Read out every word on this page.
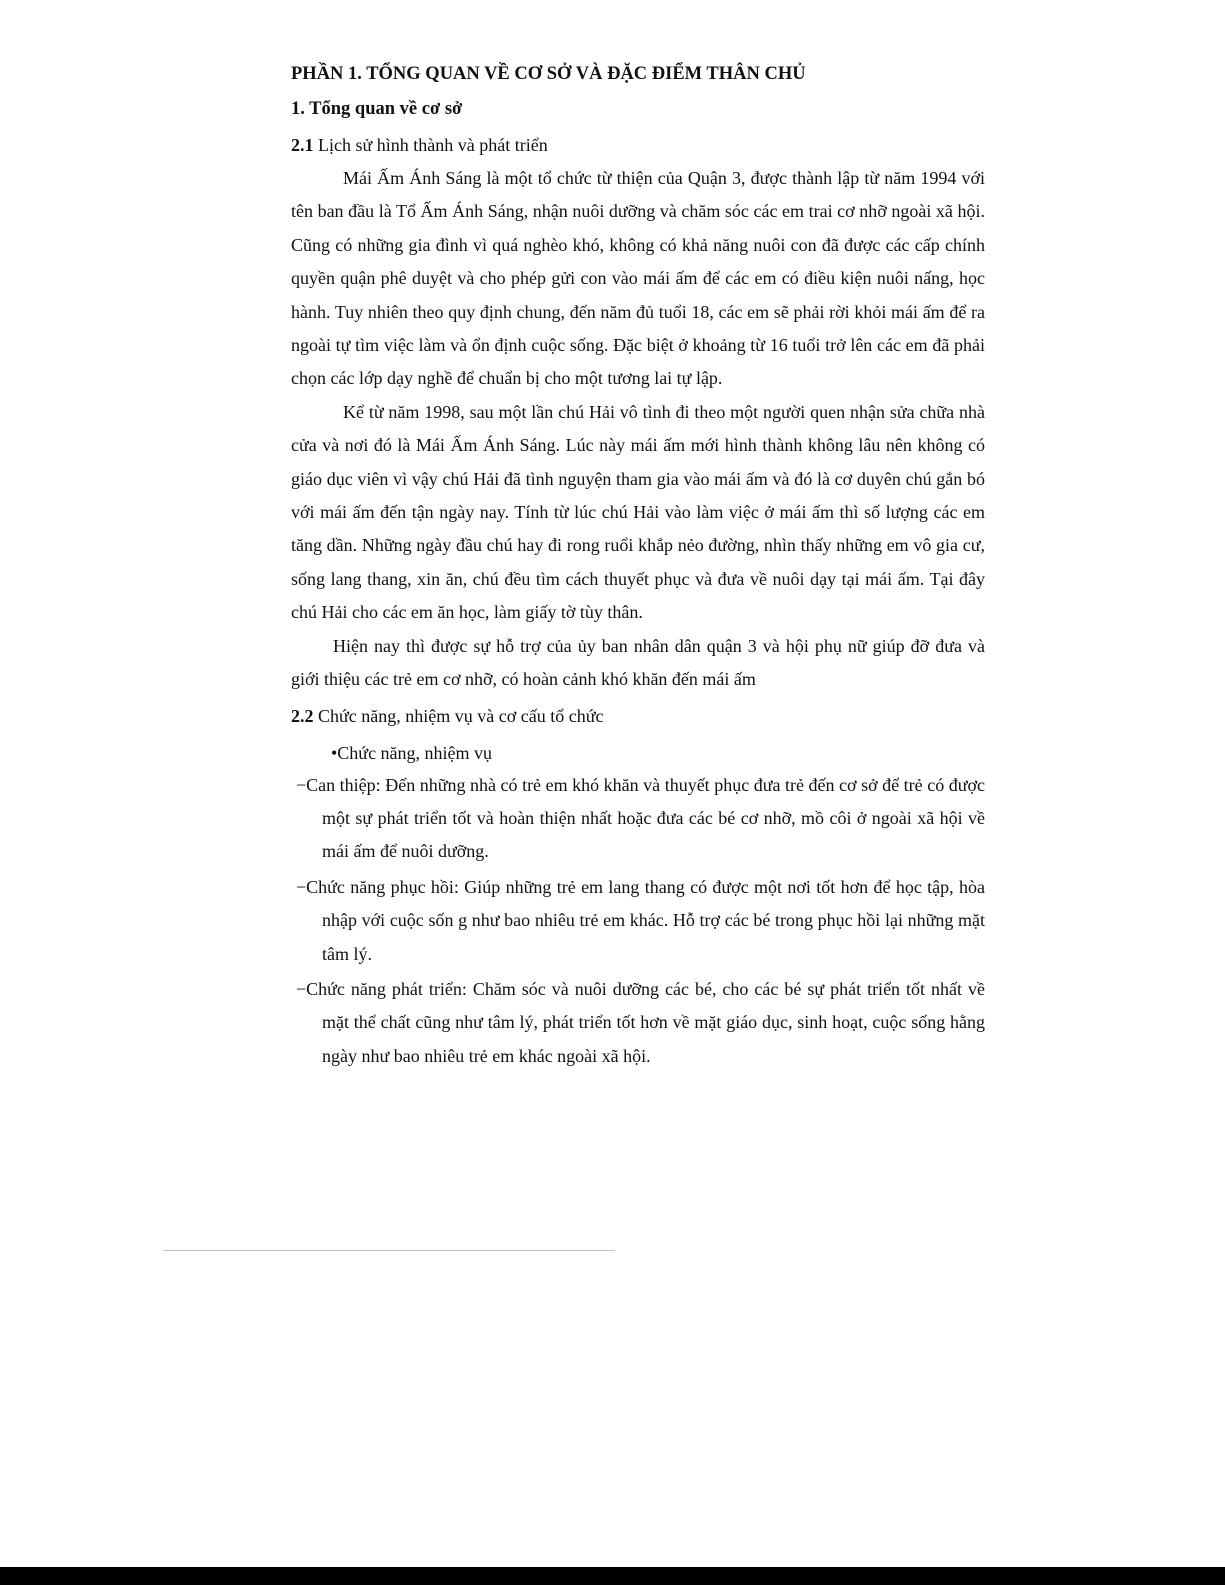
PHẦN 1. TỔNG QUAN VỀ CƠ SỞ VÀ ĐẶC ĐIỂM THÂN CHỦ
1. Tổng quan về cơ sở
2.1 Lịch sử hình thành và phát triển

Mái Ấm Ánh Sáng là một tổ chức từ thiện của Quận 3, được thành lập từ năm 1994 với tên ban đầu là Tổ Ấm Ánh Sáng, nhận nuôi dưỡng và chăm sóc các em trai cơ nhỡ ngoài xã hội. Cũng có những gia đình vì quá nghèo khó, không có khả năng nuôi con đã được các cấp chính quyền quận phê duyệt và cho phép gửi con vào mái ấm để các em có điều kiện nuôi nấng, học hành. Tuy nhiên theo quy định chung, đến năm đủ tuổi 18, các em sẽ phải rời khỏi mái ấm để ra ngoài tự tìm việc làm và ổn định cuộc sống. Đặc biệt ở khoảng từ 16 tuổi trở lên các em đã phải chọn các lớp dạy nghề để chuẩn bị cho một tương lai tự lập.

Kể từ năm 1998, sau một lần chú Hải vô tình đi theo một người quen nhận sửa chữa nhà cửa và nơi đó là Mái Ấm Ánh Sáng. Lúc này mái ấm mới hình thành không lâu nên không có giáo dục viên vì vậy chú Hải đã tình nguyện tham gia vào mái ấm và đó là cơ duyên chú gắn bó với mái ấm đến tận ngày nay. Tính từ lúc chú Hải vào làm việc ở mái ấm thì số lượng các em tăng dần. Những ngày đầu chú hay đi rong ruổi khắp nẻo đường, nhìn thấy những em vô gia cư, sống lang thang, xin ăn, chú đều tìm cách thuyết phục và đưa về nuôi dạy tại mái ấm. Tại đây chú Hải cho các em ăn học, làm giấy tờ tùy thân.

Hiện nay thì được sự hỗ trợ của ủy ban nhân dân quận 3 và hội phụ nữ giúp đỡ đưa và giới thiệu các trẻ em cơ nhỡ, có hoàn cảnh khó khăn đến mái ấm

2.2 Chức năng, nhiệm vụ và cơ cấu tổ chức
•Chức năng, nhiệm vụ
−Can thiệp: Đến những nhà có trẻ em khó khăn và thuyết phục đưa trẻ đến cơ sở để trẻ có được một sự phát triển tốt và hoàn thiện nhất hoặc đưa các bé cơ nhỡ, mồ côi ở ngoài xã hội về mái ấm để nuôi dưỡng.
−Chức năng phục hồi: Giúp những trẻ em lang thang có được một nơi tốt hơn để học tập, hòa nhập với cuộc sốn g như bao nhiêu trẻ em khác. Hỗ trợ các bé trong phục hồi lại những mặt tâm lý.
−Chức năng phát triển: Chăm sóc và nuôi dưỡng các bé, cho các bé sự phát triển tốt nhất về mặt thể chất cũng như tâm lý, phát triển tốt hơn về mặt giáo dục, sinh hoạt, cuộc sống hằng ngày như bao nhiêu trẻ em khác ngoài xã hội.
